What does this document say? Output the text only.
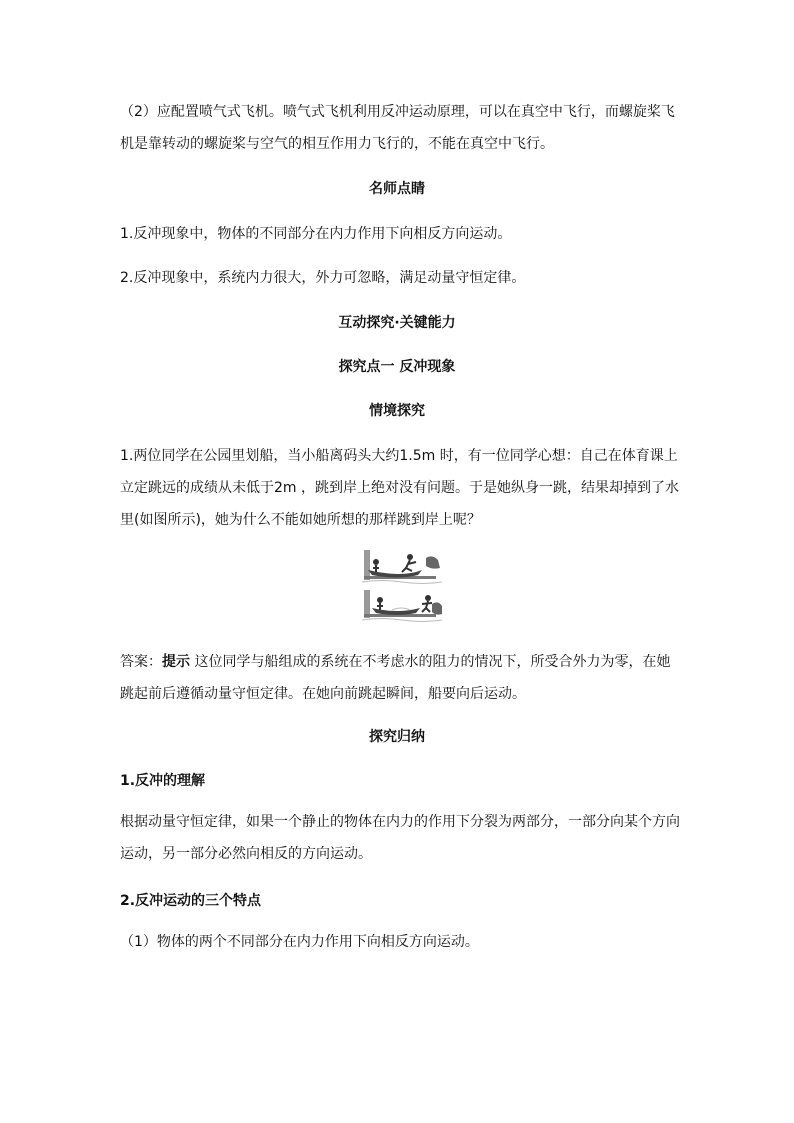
（2）应配置喷气式飞机。喷气式飞机利用反冲运动原理，可以在真空中飞行，而螺旋桨飞
机是靠转动的螺旋桨与空气的相互作用力飞行的，不能在真空中飞行。
名师点睛
1.反冲现象中，物体的不同部分在内力作用下向相反方向运动。
2.反冲现象中，系统内力很大，外力可忽略，满足动量守恒定律。
互动探究·关键能力
探究点一 反冲现象
情境探究
1.两位同学在公园里划船，当小船离码头大约1.5m 时，有一位同学心想：自己在体育课上
立定跳远的成绩从未低于2m ，跳到岸上绝对没有问题。于是她纵身一跳，结果却掉到了水
里(如图所示)，她为什么不能如她所想的那样跳到岸上呢？
答案：提示 这位同学与船组成的系统在不考虑水的阻力的情况下，所受合外力为零，在她
跳起前后遵循动量守恒定律。在她向前跳起瞬间，船要向后运动。
探究归纳
1.反冲的理解
根据动量守恒定律，如果一个静止的物体在内力的作用下分裂为两部分，一部分向某个方向
运动，另一部分必然向相反的方向运动。
2.反冲运动的三个特点
（1）物体的两个不同部分在内力作用下向相反方向运动。
